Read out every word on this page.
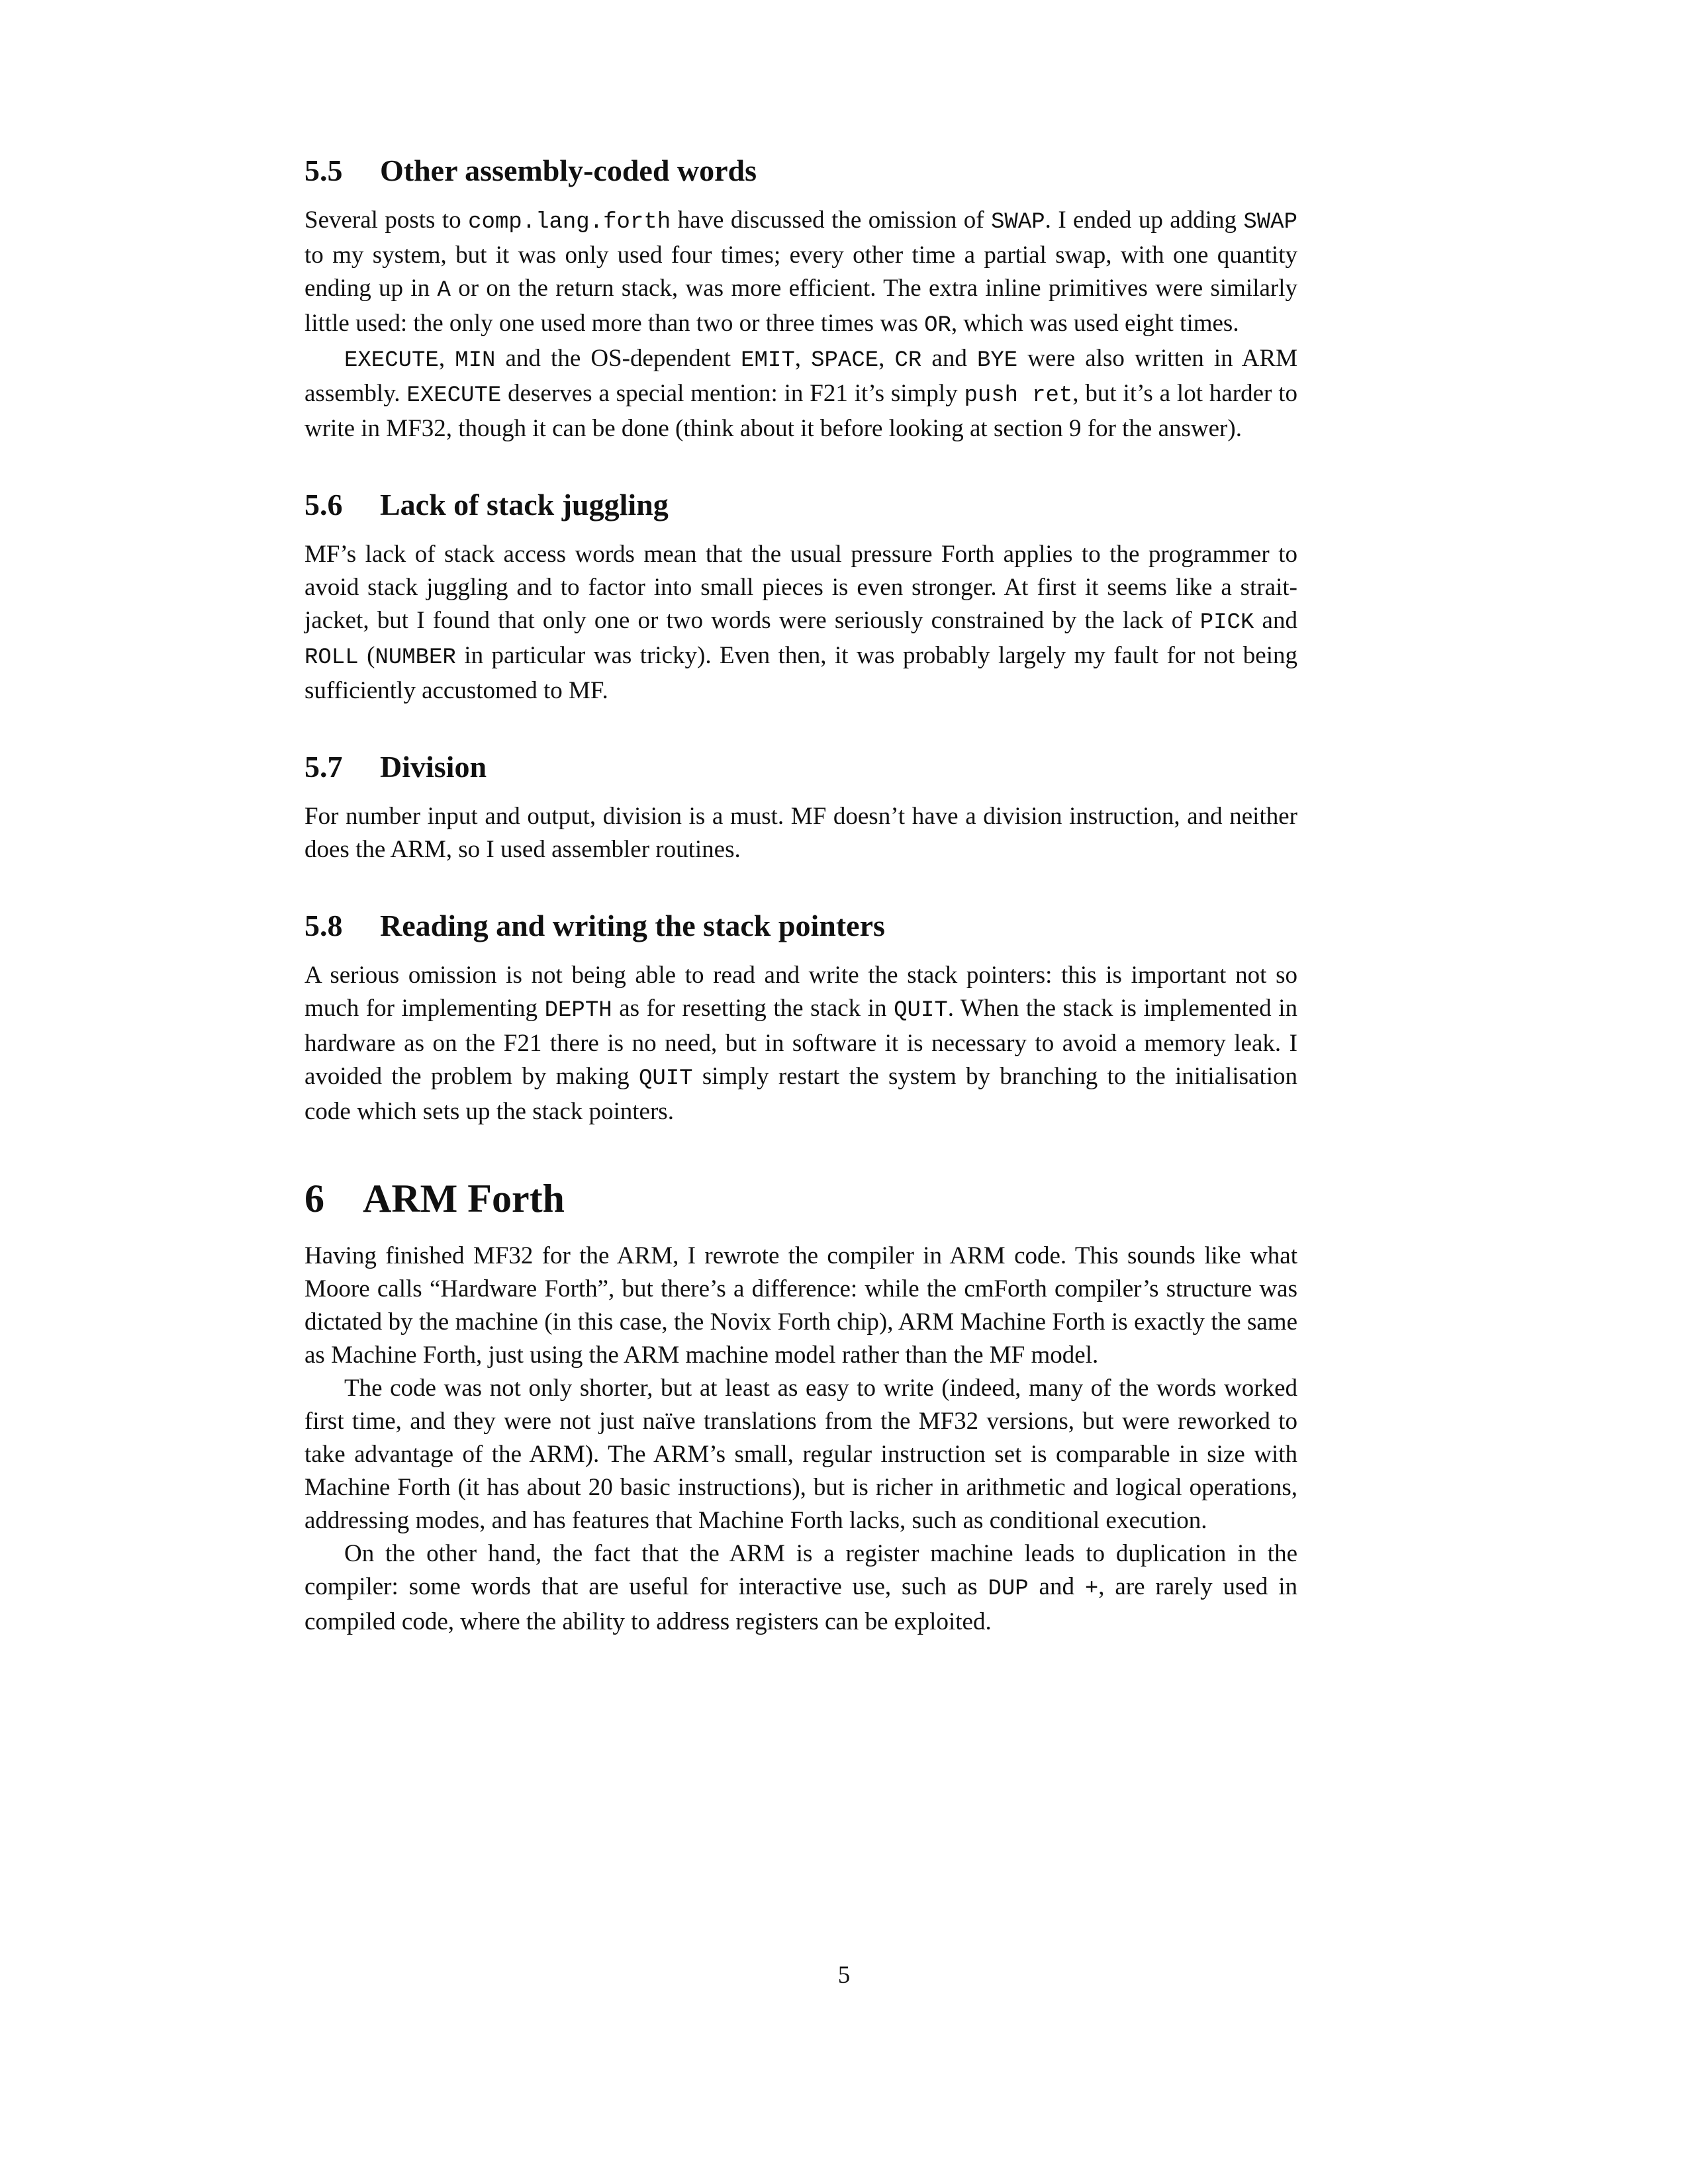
5.5 Other assembly-coded words

Several posts to comp.lang.forth have discussed the omission of SWAP. I ended up adding SWAP to my system, but it was only used four times; every other time a partial swap, with one quantity ending up in A or on the return stack, was more efficient. The extra inline primitives were similarly little used: the only one used more than two or three times was OR, which was used eight times.

EXECUTE, MIN and the OS-dependent EMIT, SPACE, CR and BYE were also written in ARM assembly. EXECUTE deserves a special mention: in F21 it’s simply push ret, but it’s a lot harder to write in MF32, though it can be done (think about it before looking at section 9 for the answer).

5.6 Lack of stack juggling

MF’s lack of stack access words mean that the usual pressure Forth applies to the programmer to avoid stack juggling and to factor into small pieces is even stronger. At first it seems like a strait-jacket, but I found that only one or two words were seriously constrained by the lack of PICK and ROLL (NUMBER in particular was tricky). Even then, it was probably largely my fault for not being sufficiently accustomed to MF.

5.7 Division

For number input and output, division is a must. MF doesn’t have a division instruction, and neither does the ARM, so I used assembler routines.

5.8 Reading and writing the stack pointers

A serious omission is not being able to read and write the stack pointers: this is important not so much for implementing DEPTH as for resetting the stack in QUIT. When the stack is implemented in hardware as on the F21 there is no need, but in software it is necessary to avoid a memory leak. I avoided the problem by making QUIT simply restart the system by branching to the initialisation code which sets up the stack pointers.

6 ARM Forth

Having finished MF32 for the ARM, I rewrote the compiler in ARM code. This sounds like what Moore calls “Hardware Forth”, but there’s a difference: while the cmForth compiler’s structure was dictated by the machine (in this case, the Novix Forth chip), ARM Machine Forth is exactly the same as Machine Forth, just using the ARM machine model rather than the MF model.

The code was not only shorter, but at least as easy to write (indeed, many of the words worked first time, and they were not just naïve translations from the MF32 versions, but were reworked to take advantage of the ARM). The ARM’s small, regular instruction set is comparable in size with Machine Forth (it has about 20 basic instructions), but is richer in arithmetic and logical operations, addressing modes, and has features that Machine Forth lacks, such as conditional execution.

On the other hand, the fact that the ARM is a register machine leads to duplication in the compiler: some words that are useful for interactive use, such as DUP and +, are rarely used in compiled code, where the ability to address registers can be exploited.

5
